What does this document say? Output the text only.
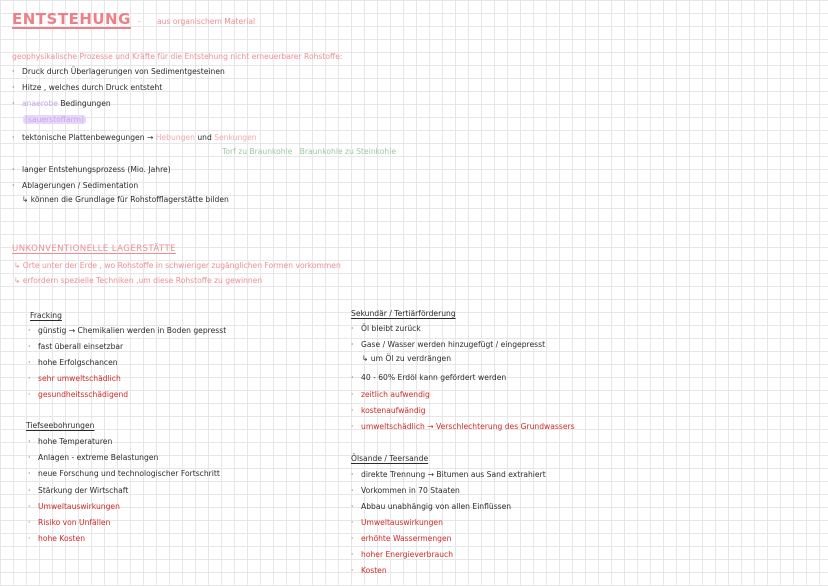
ENTSTEHUNG - aus organischem Material
geophysikalische Prozesse und Kräfte für die Entstehung nicht erneuerbarer Rohstoffe:
· Druck durch Überlagerungen von Sedimentgesteinen
· Hitze , welches durch Druck entsteht
· anaerobe Bedingungen
(sauerstoffarm)
· tektonische Plattenbewegungen → Hebungen und Senkungen
Torf zu Braunkohle   Braunkohle zu Steinkohle
· langer Entstehungsprozess (Mio. Jahre)
· Ablagerungen / Sedimentation
↳ können die Grundlage für Rohstofflagerstätte bilden
UNKONVENTIONELLE LAGERSTÄTTE
↳ Orte unter der Erde , wo Rohstoffe in schwieriger zugänglichen Formen vorkommen
↳ erfordern spezielle Techniken ,um diese Rohstoffe zu gewinnen
Fracking
· günstig → Chemikalien werden in Boden gepresst
· fast überall einsetzbar
· hohe Erfolgschancen
· sehr umweltschädlich
· gesundheitsschädigend
Tiefseebohrungen
· hohe Temperaturen
· Anlagen - extreme Belastungen
· neue Forschung und technologischer Fortschritt
· Stärkung der Wirtschaft
· Umweltauswirkungen
· Risiko von Unfällen
· hohe Kosten
Sekundär / Tertiärförderung
· Öl bleibt zurück
· Gase / Wasser werden hinzugefügt / eingepresst
↳ um Öl zu verdrängen
· 40 - 60% Erdöl kann gefördert werden
· zeitlich aufwendig
· kostenaufwändig
· umweltschädlich → Verschlechterung des Grundwassers
Ölsande / Teersande
· direkte Trennung → Bitumen aus Sand extrahiert
· Vorkommen in 70 Staaten
· Abbau unabhängig von allen Einflüssen
· Umweltauswirkungen
· erhöhte Wassermengen
· hoher Energieverbrauch
· Kosten
